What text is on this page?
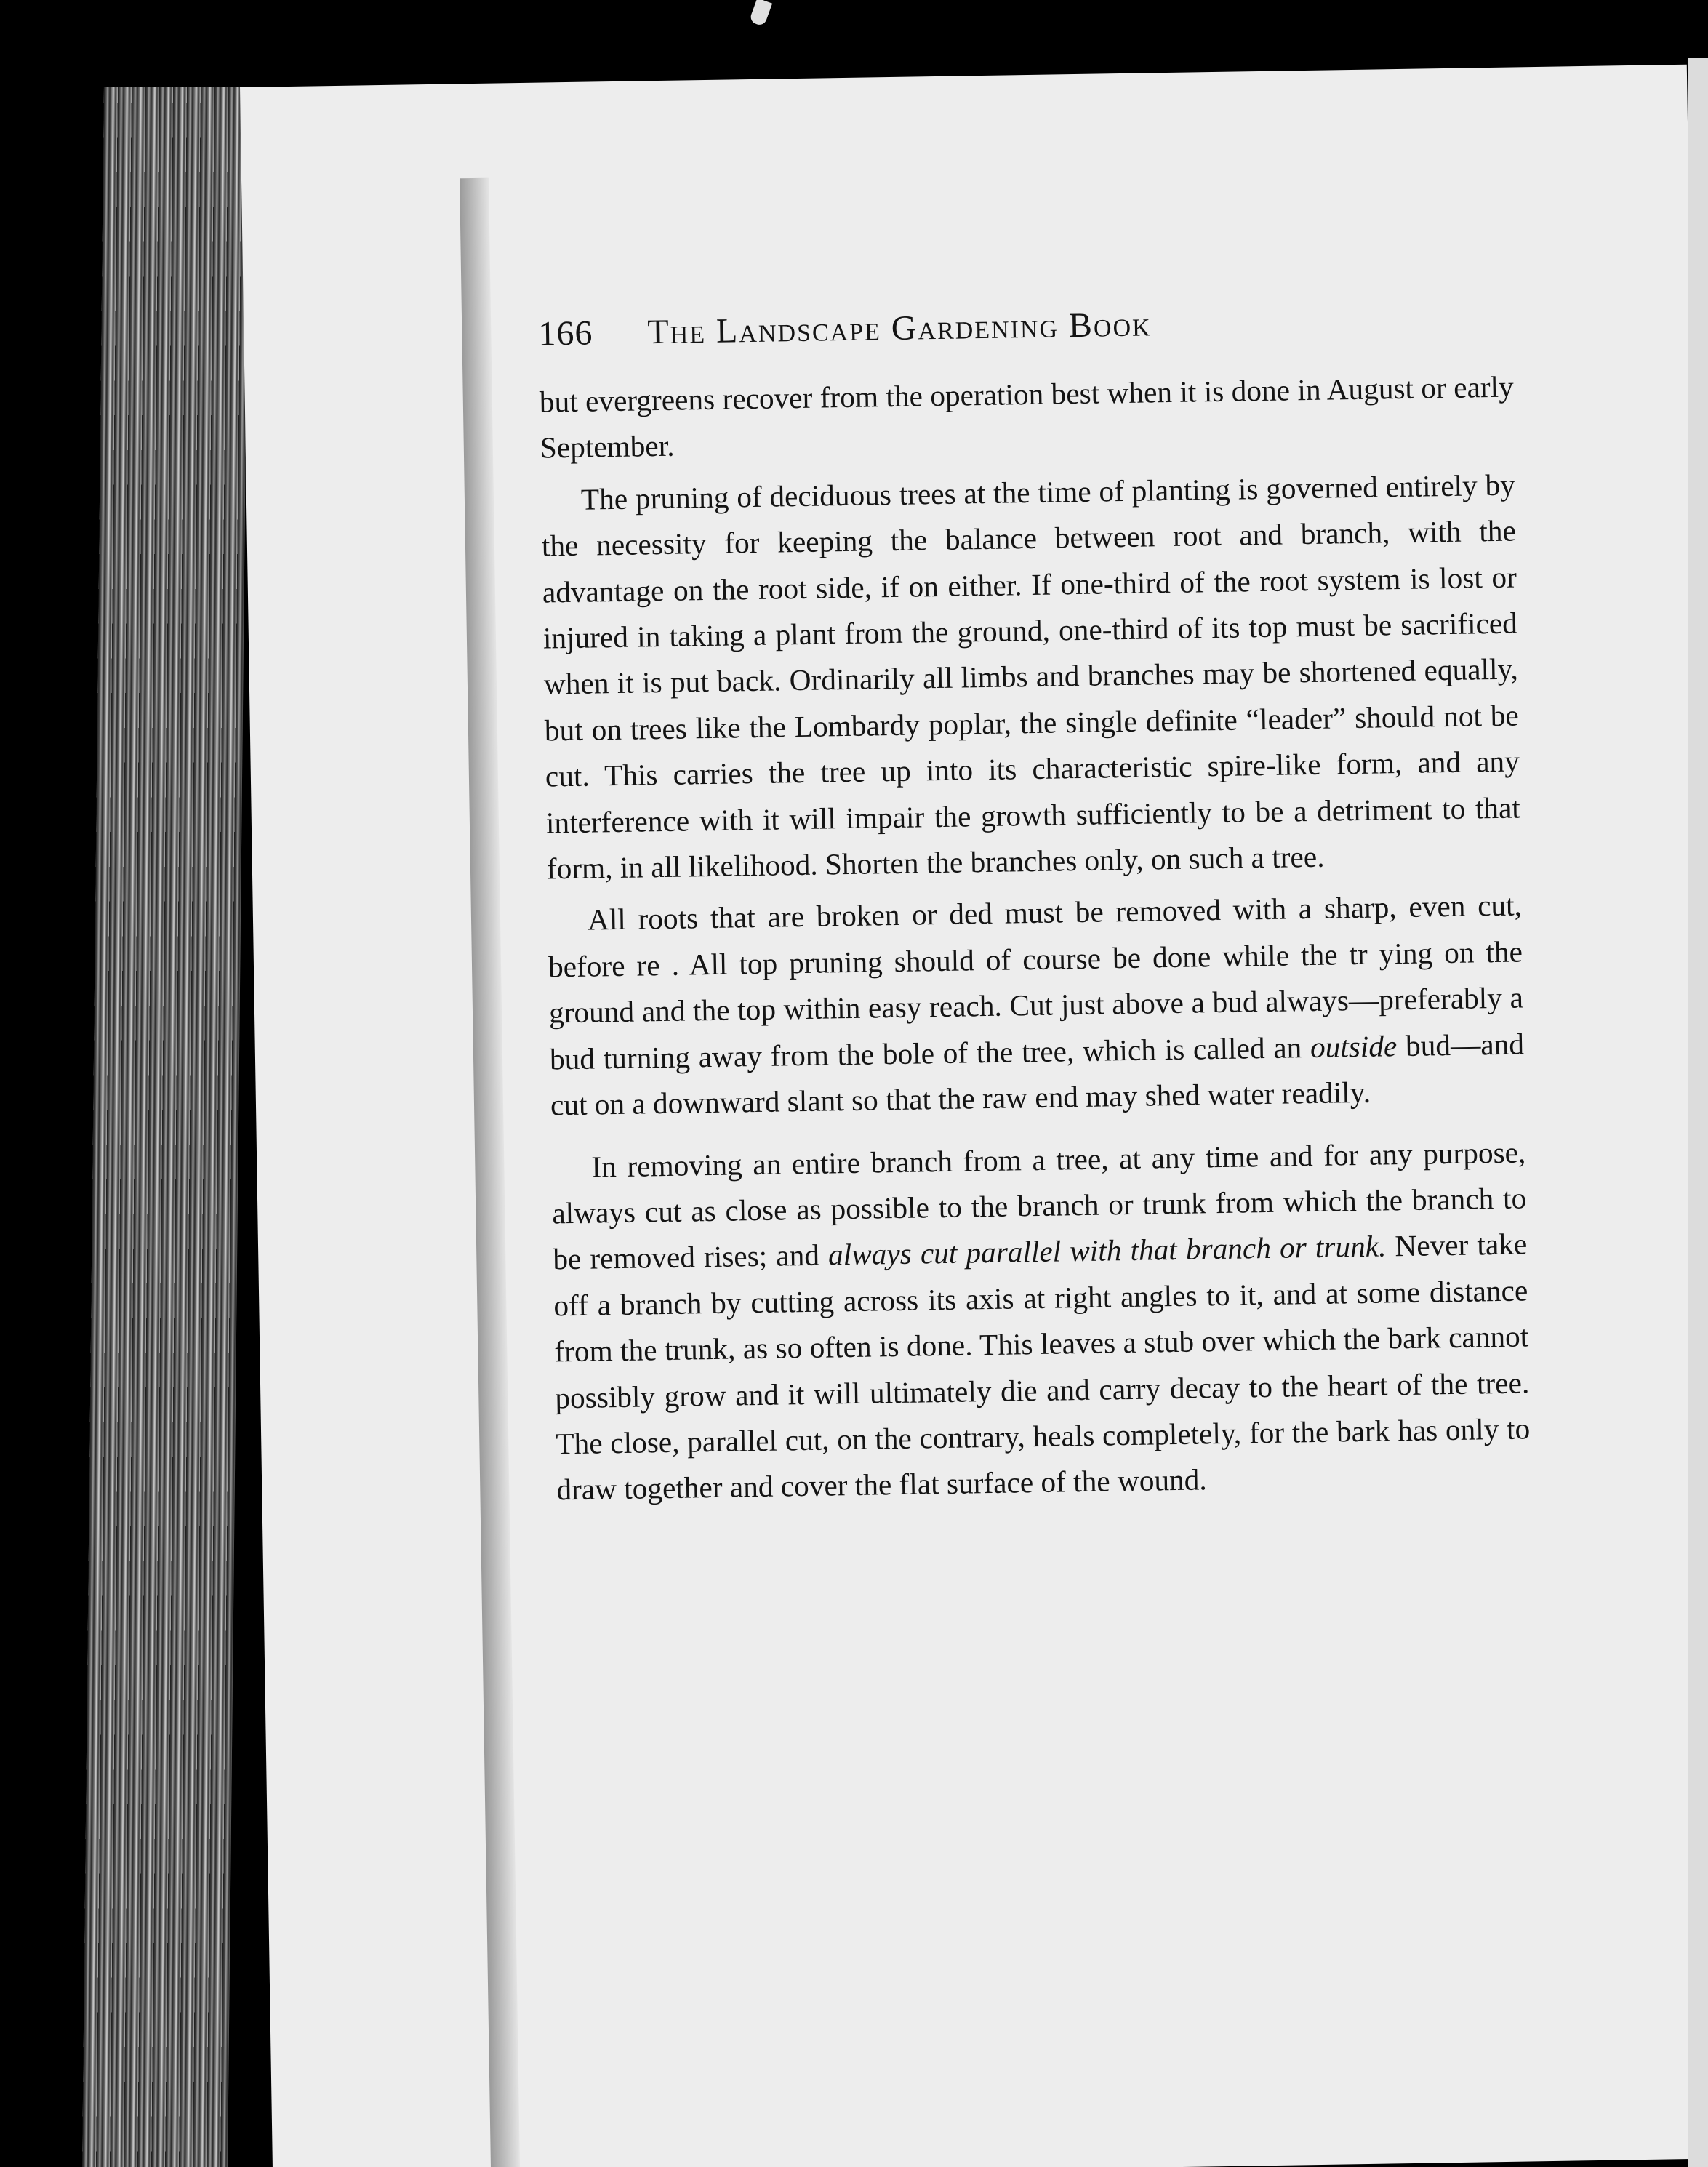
166	The Landscape Gardening Book

but evergreens recover from the operation best when it is done in August or early September.

The pruning of deciduous trees at the time of planting is governed entirely by the necessity for keeping the balance between root and branch, with the advantage on the root side, if on either. If one-third of the root system is lost or injured in taking a plant from the ground, one-third of its top must be sacrificed when it is put back. Ordinarily all limbs and branches may be shortened equally, but on trees like the Lombardy poplar, the single definite “leader” should not be cut. This carries the tree up into its characteristic spire-like form, and any interference with it will impair the growth sufficiently to be a detriment to that form, in all likelihood. Shorten the branches only, on such a tree.

All roots that are broken or ded must be removed with a sharp, even cut, before re . All top pruning should of course be done while the tr ying on the ground and the top within easy reach. Cut just above a bud always—preferably a bud turning away from the bole of the tree, which is called an outside bud—and cut on a downward slant so that the raw end may shed water readily.

In removing an entire branch from a tree, at any time and for any purpose, always cut as close as possible to the branch or trunk from which the branch to be removed rises; and always cut parallel with that branch or trunk. Never take off a branch by cutting across its axis at right angles to it, and at some distance from the trunk, as so often is done. This leaves a stub over which the bark cannot possibly grow and it will ultimately die and carry decay to the heart of the tree. The close, parallel cut, on the contrary, heals completely, for the bark has only to draw together and cover the flat surface of the wound.
